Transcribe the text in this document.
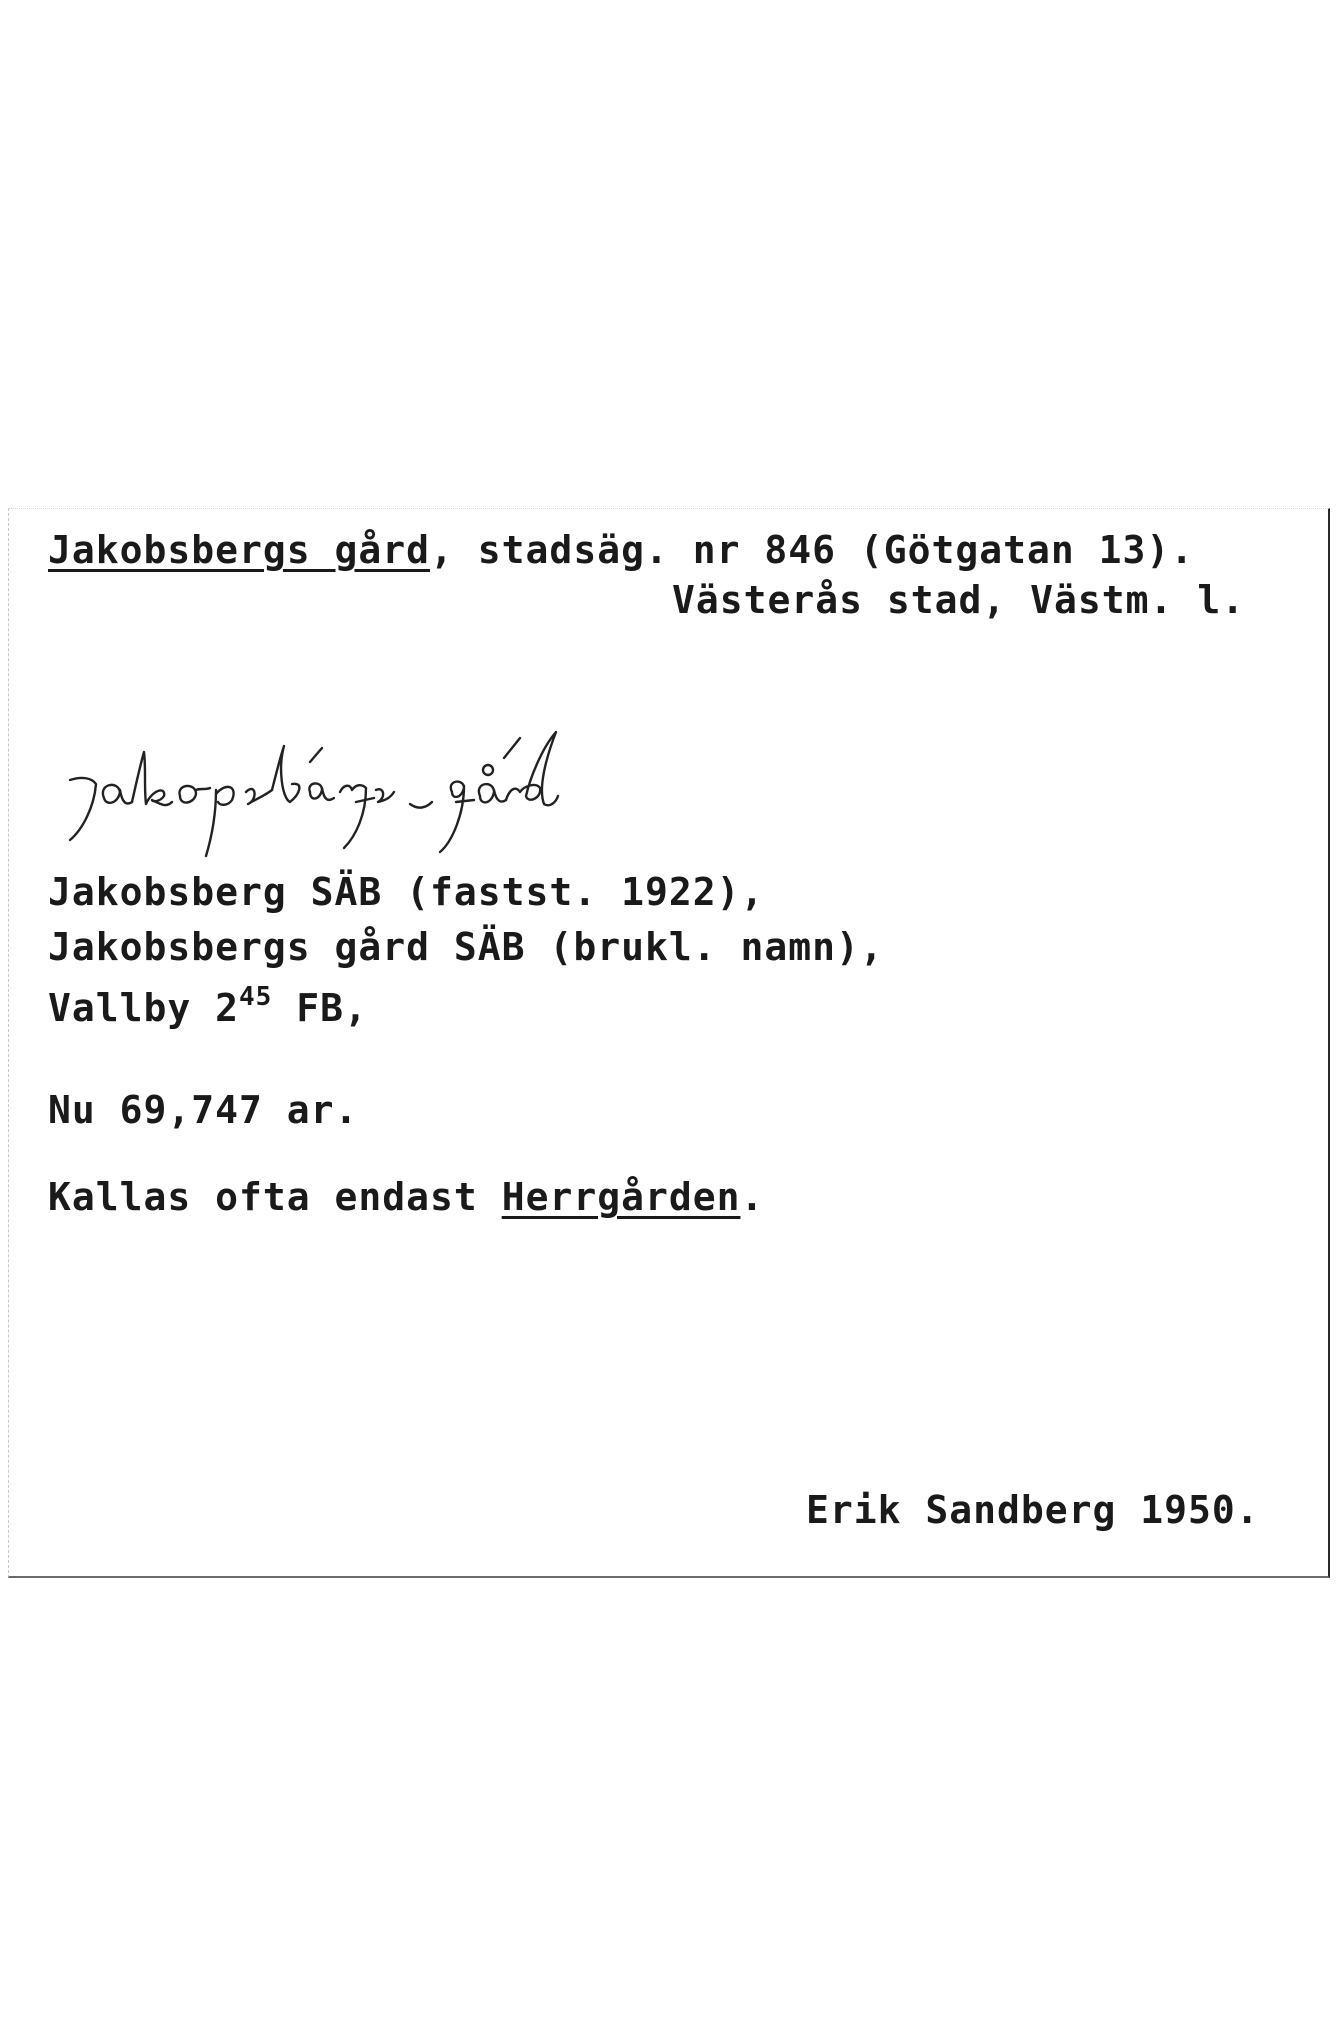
Jakobsbergs gård, stadsäg. nr 846 (Götgatan 13).
Västerås stad, Västm. l.
Jakobsberg SÄB (fastst. 1922),
Jakobsbergs gård SÄB (brukl. namn),
Vallby $2^{45}$ FB,
Nu 69,747 ar.
Kallas ofta endast Herrgården.
Erik Sandberg 1950.
